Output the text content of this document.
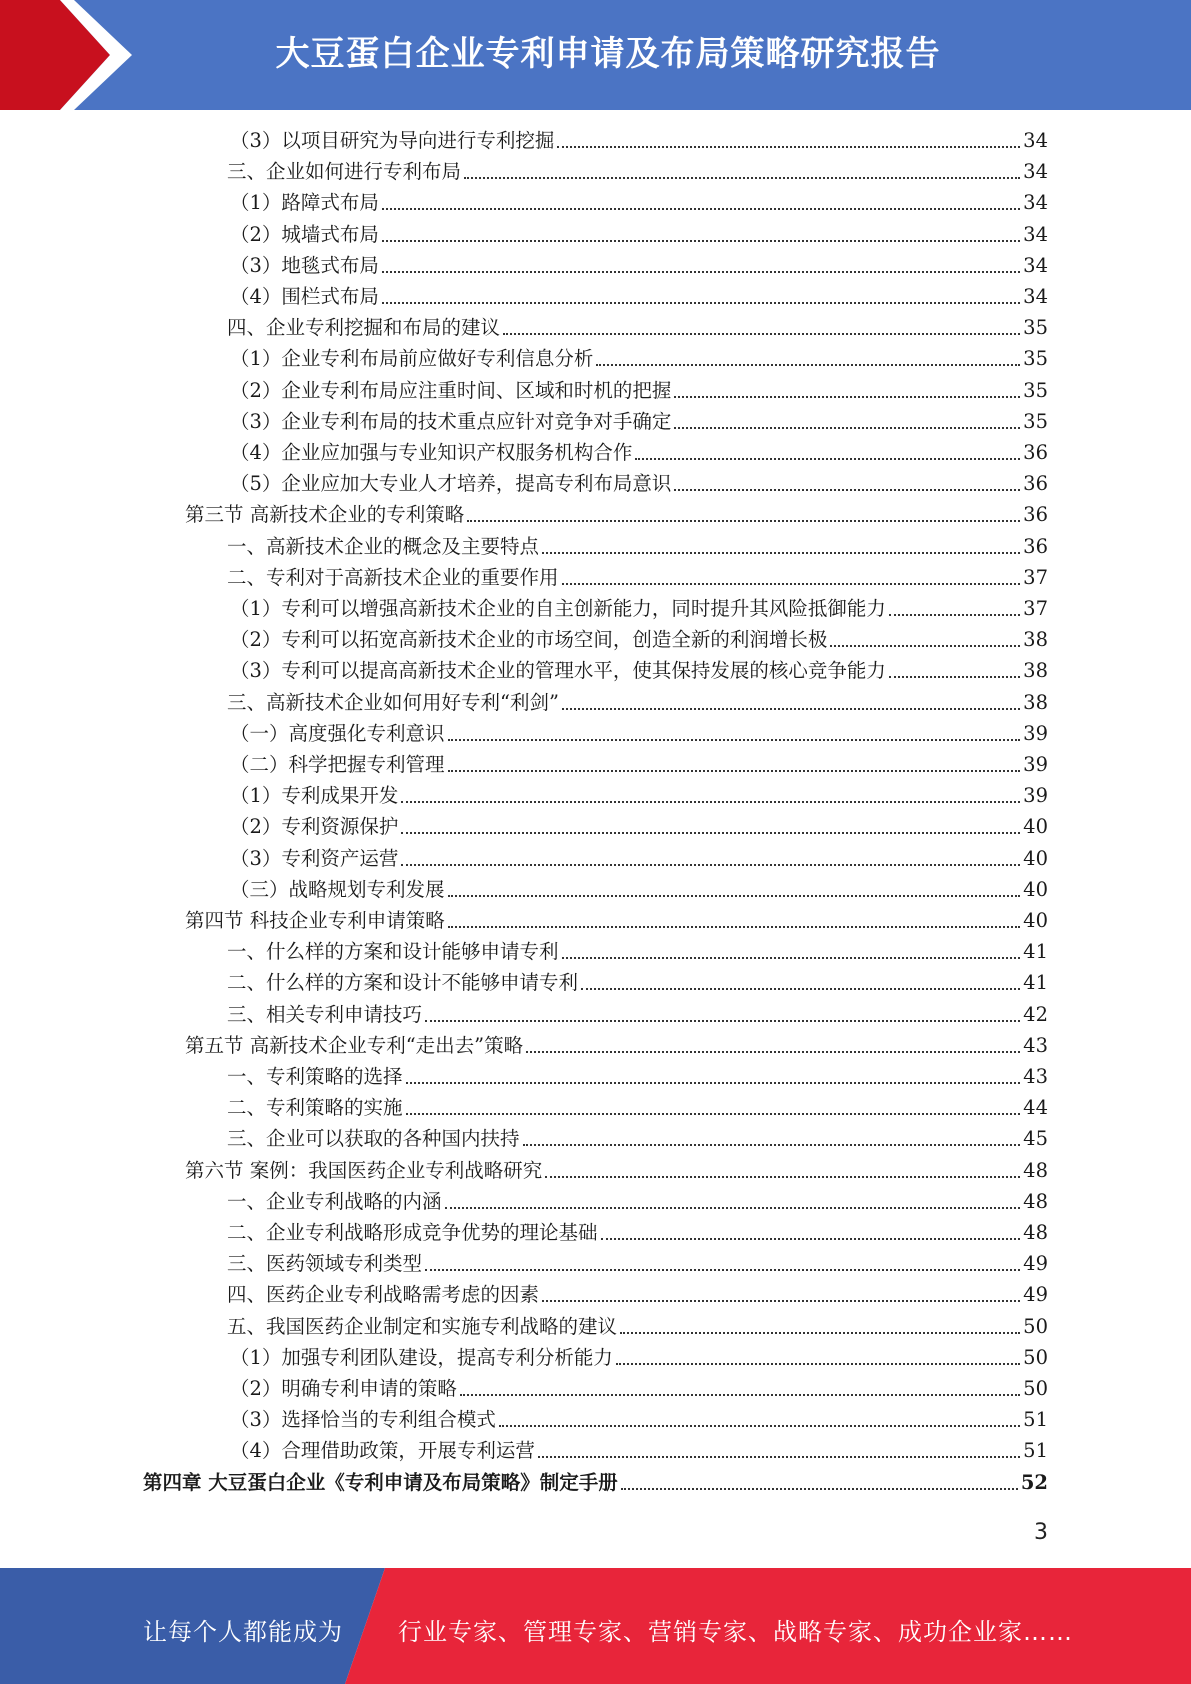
大豆蛋白企业专利申请及布局策略研究报告
（3）以项目研究为导向进行专利挖掘	34
三、企业如何进行专利布局	34
（1）路障式布局	34
（2）城墙式布局	34
（3）地毯式布局	34
（4）围栏式布局	34
四、企业专利挖掘和布局的建议	35
（1）企业专利布局前应做好专利信息分析	35
（2）企业专利布局应注重时间、区域和时机的把握	35
（3）企业专利布局的技术重点应针对竞争对手确定	35
（4）企业应加强与专业知识产权服务机构合作	36
（5）企业应加大专业人才培养，提高专利布局意识	36
第三节 高新技术企业的专利策略	36
一、高新技术企业的概念及主要特点	36
二、专利对于高新技术企业的重要作用	37
（1）专利可以增强高新技术企业的自主创新能力，同时提升其风险抵御能力	37
（2）专利可以拓宽高新技术企业的市场空间，创造全新的利润增长极	38
（3）专利可以提高高新技术企业的管理水平，使其保持发展的核心竞争能力	38
三、高新技术企业如何用好专利“利剑”	38
（一）高度强化专利意识	39
（二）科学把握专利管理	39
（1）专利成果开发	39
（2）专利资源保护	40
（3）专利资产运营	40
（三）战略规划专利发展	40
第四节 科技企业专利申请策略	40
一、什么样的方案和设计能够申请专利	41
二、什么样的方案和设计不能够申请专利	41
三、相关专利申请技巧	42
第五节 高新技术企业专利“走出去”策略	43
一、专利策略的选择	43
二、专利策略的实施	44
三、企业可以获取的各种国内扶持	45
第六节 案例：我国医药企业专利战略研究	48
一、企业专利战略的内涵	48
二、企业专利战略形成竞争优势的理论基础	48
三、医药领域专利类型	49
四、医药企业专利战略需考虑的因素	49
五、我国医药企业制定和实施专利战略的建议	50
（1）加强专利团队建设，提高专利分析能力	50
（2）明确专利申请的策略	50
（3）选择恰当的专利组合模式	51
（4）合理借助政策，开展专利运营	51
第四章 大豆蛋白企业《专利申请及布局策略》制定手册	52
3
让每个人都能成为 行业专家、管理专家、营销专家、战略专家、成功企业家……
